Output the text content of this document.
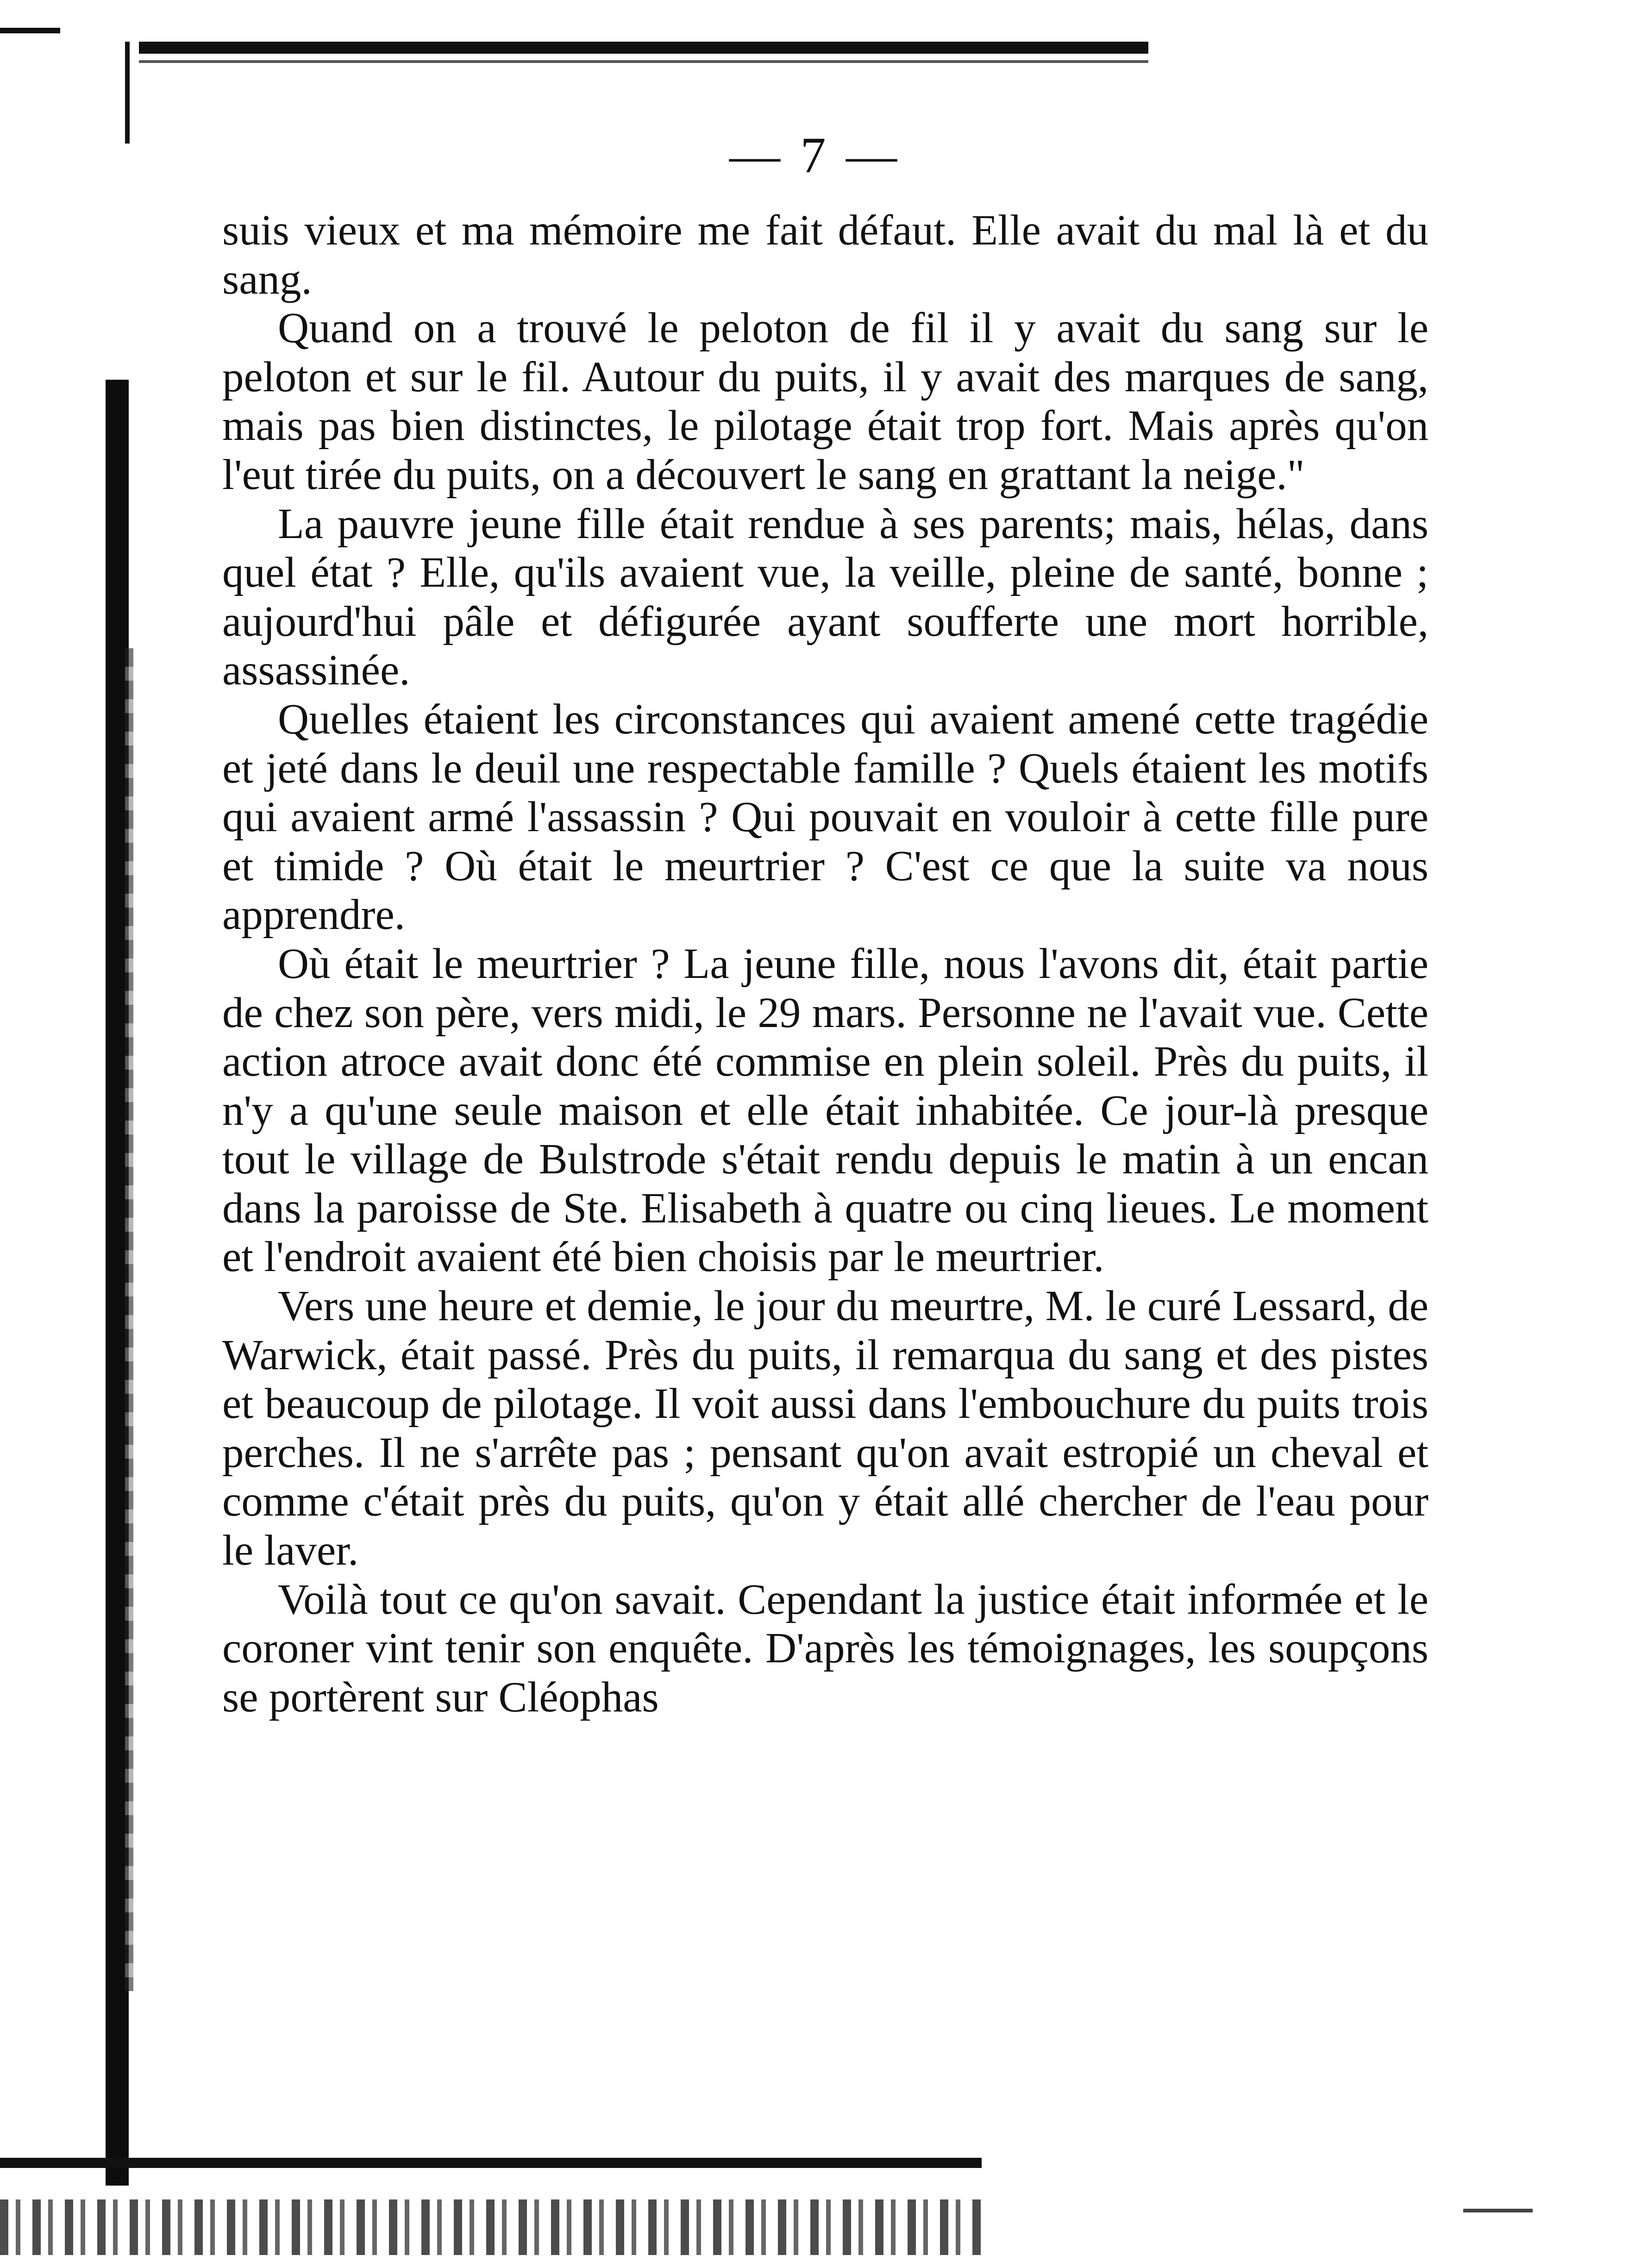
— 7 —

suis vieux et ma mémoire me fait défaut. Elle avait du mal là et du sang.

Quand on a trouvé le peloton de fil il y avait du sang sur le peloton et sur le fil. Autour du puits, il y avait des marques de sang, mais pas bien distinctes, le pilotage était trop fort. Mais après qu'on l'eut tirée du puits, on a découvert le sang en grattant la neige."

La pauvre jeune fille était rendue à ses parents; mais, hélas, dans quel état ? Elle, qu'ils avaient vue, la veille, pleine de santé, bonne ; aujourd'hui pâle et défigurée ayant soufferte une mort horrible, assassinée.

Quelles étaient les circonstances qui avaient amené cette tragédie et jeté dans le deuil une respectable famille ? Quels étaient les motifs qui avaient armé l'assassin ? Qui pouvait en vouloir à cette fille pure et timide ? Où était le meurtrier ? C'est ce que la suite va nous apprendre.

Où était le meurtrier ? La jeune fille, nous l'avons dit, était partie de chez son père, vers midi, le 29 mars. Personne ne l'avait vue. Cette action atroce avait donc été commise en plein soleil. Près du puits, il n'y a qu'une seule maison et elle était inhabitée. Ce jour-là presque tout le village de Bulstrode s'était rendu depuis le matin à un encan dans la paroisse de Ste. Elisabeth à quatre ou cinq lieues. Le moment et l'endroit avaient été bien choisis par le meurtrier.

Vers une heure et demie, le jour du meurtre, M. le curé Lessard, de Warwick, était passé. Près du puits, il remarqua du sang et des pistes et beaucoup de pilotage. Il voit aussi dans l'embouchure du puits trois perches. Il ne s'arrête pas ; pensant qu'on avait estropié un cheval et comme c'était près du puits, qu'on y était allé chercher de l'eau pour le laver.

Voilà tout ce qu'on savait. Cependant la justice était informée et le coroner vint tenir son enquête. D'après les témoignages, les soupçons se portèrent sur Cléophas
